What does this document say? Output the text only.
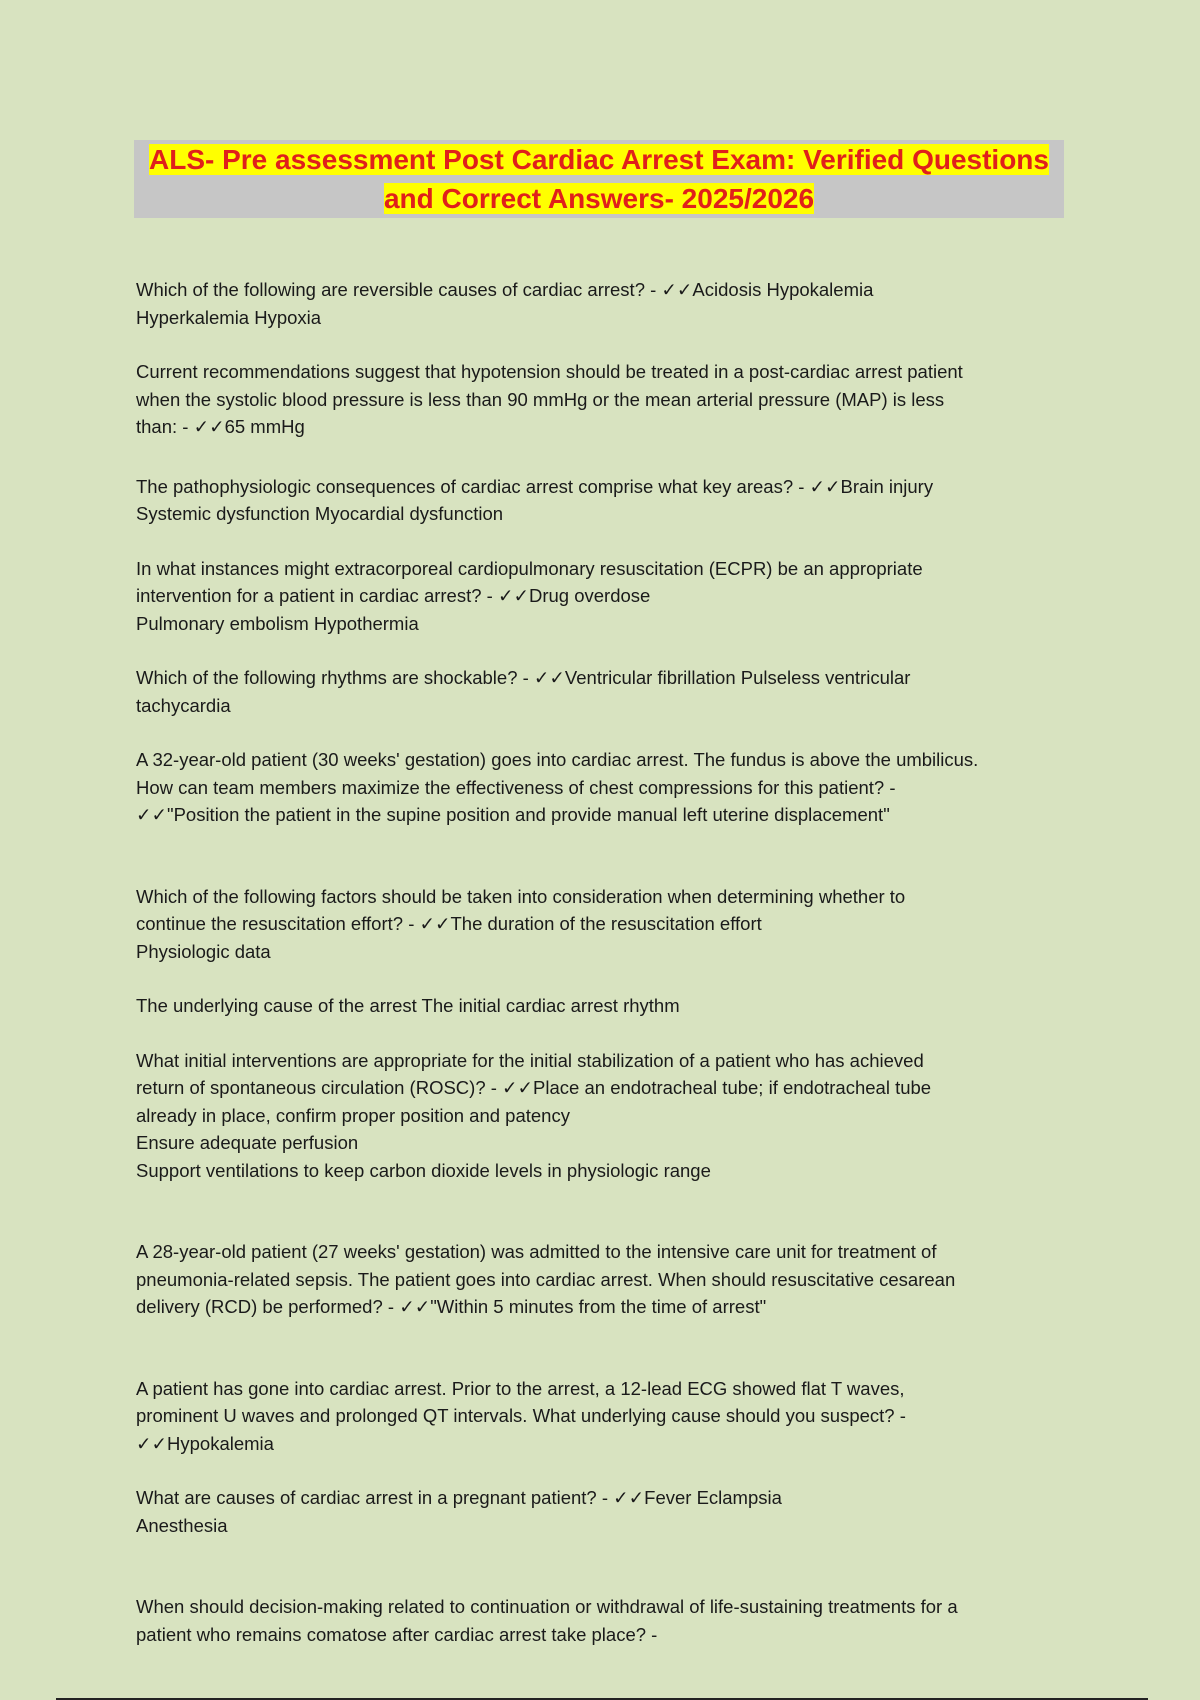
ALS- Pre assessment Post Cardiac Arrest Exam: Verified Questions and Correct Answers- 2025/2026

Which of the following are reversible causes of cardiac arrest? - ✓✓Acidosis Hypokalemia
Hyperkalemia Hypoxia

Current recommendations suggest that hypotension should be treated in a post-cardiac arrest patient
when the systolic blood pressure is less than 90 mmHg or the mean arterial pressure (MAP) is less
than: - ✓✓65 mmHg

The pathophysiologic consequences of cardiac arrest comprise what key areas? - ✓✓Brain injury
Systemic dysfunction Myocardial dysfunction

In what instances might extracorporeal cardiopulmonary resuscitation (ECPR) be an appropriate
intervention for a patient in cardiac arrest? - ✓✓Drug overdose
Pulmonary embolism Hypothermia

Which of the following rhythms are shockable? - ✓✓Ventricular fibrillation Pulseless ventricular
tachycardia

A 32-year-old patient (30 weeks' gestation) goes into cardiac arrest. The fundus is above the umbilicus.
How can team members maximize the effectiveness of chest compressions for this patient? -
✓✓"Position the patient in the supine position and provide manual left uterine displacement"

Which of the following factors should be taken into consideration when determining whether to
continue the resuscitation effort? - ✓✓The duration of the resuscitation effort
Physiologic data

The underlying cause of the arrest The initial cardiac arrest rhythm

What initial interventions are appropriate for the initial stabilization of a patient who has achieved
return of spontaneous circulation (ROSC)? - ✓✓Place an endotracheal tube; if endotracheal tube
already in place, confirm proper position and patency
Ensure adequate perfusion
Support ventilations to keep carbon dioxide levels in physiologic range

A 28-year-old patient (27 weeks' gestation) was admitted to the intensive care unit for treatment of
pneumonia-related sepsis. The patient goes into cardiac arrest. When should resuscitative cesarean
delivery (RCD) be performed? - ✓✓"Within 5 minutes from the time of arrest"

A patient has gone into cardiac arrest. Prior to the arrest, a 12-lead ECG showed flat T waves,
prominent U waves and prolonged QT intervals. What underlying cause should you suspect? -
✓✓Hypokalemia

What are causes of cardiac arrest in a pregnant patient? - ✓✓Fever Eclampsia
Anesthesia

When should decision-making related to continuation or withdrawal of life-sustaining treatments for a
patient who remains comatose after cardiac arrest take place? -
